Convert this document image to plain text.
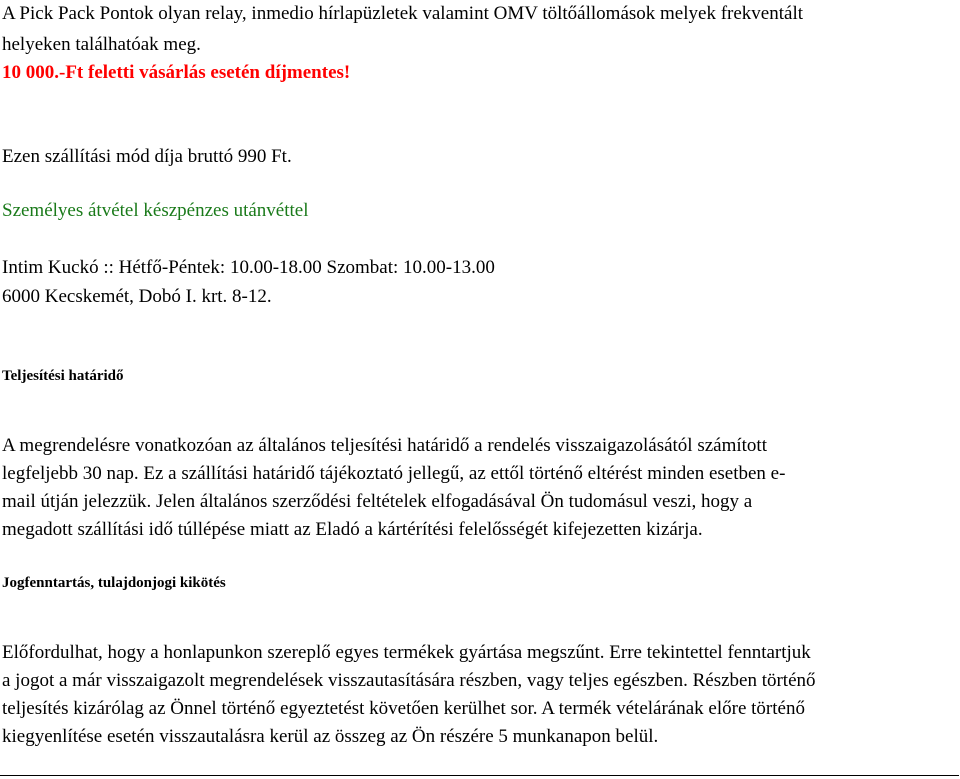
A Pick Pack Pontok olyan relay, inmedio hírlapüzletek valamint OMV töltőállomások melyek frekventált
helyeken találhatóak meg.
10 000.-Ft feletti vásárlás esetén díjmentes!
Ezen szállítási mód díja bruttó 990 Ft.
Személyes átvétel készpénzes utánvéttel
Intim Kuckó :: Hétfő-Péntek: 10.00-18.00 Szombat: 10.00-13.00
6000 Kecskemét, Dobó I. krt. 8-12.
Teljesítési határidő
A megrendelésre vonatkozóan az általános teljesítési határidő a rendelés visszaigazolásától számított
legfeljebb 30 nap. Ez a szállítási határidő tájékoztató jellegű, az ettől történő eltérést minden esetben e-
mail útján jelezzük. Jelen általános szerződési feltételek elfogadásával Ön tudomásul veszi, hogy a
megadott szállítási idő túllépése miatt az Eladó a kártérítési felelősségét kifejezetten kizárja.
Jogfenntartás, tulajdonjogi kikötés
Előfordulhat, hogy a honlapunkon szereplő egyes termékek gyártása megszűnt. Erre tekintettel fenntartjuk
a jogot a már visszaigazolt megrendelések visszautasítására részben, vagy teljes egészben. Részben történő
teljesítés kizárólag az Önnel történő egyeztetést követően kerülhet sor. A termék vételárának előre történő
kiegyenlítése esetén visszautalásra kerül az összeg az Ön részére 5 munkanapon belül.
